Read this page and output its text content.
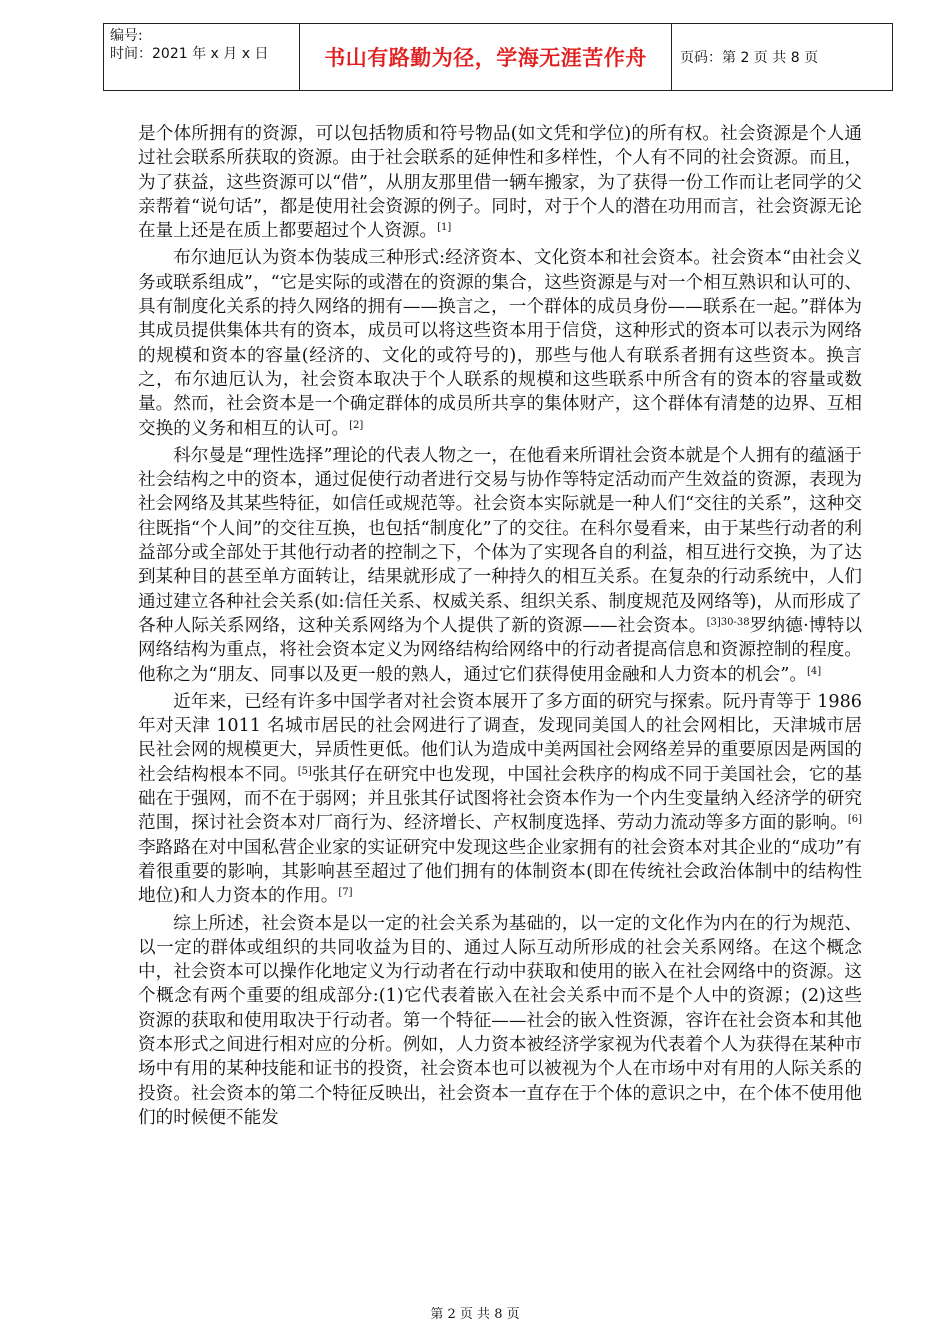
编号:
时间：2021 年 x 月 x 日	书山有路勤为径，学海无涯苦作舟 页码：第 2 页 共 8 页

是个体所拥有的资源，可以包括物质和符号物品(如文凭和学位)的所有权。社会资源是个人通过社会联系所获取的资源。由于社会联系的延伸性和多样性，个人有不同的社会资源。而且，为了获益，这些资源可以“借”，从朋友那里借一辆车搬家，为了获得一份工作而让老同学的父亲帮着“说句话”，都是使用社会资源的例子。同时，对于个人的潜在功用而言，社会资源无论在量上还是在质上都要超过个人资源。[1]

布尔迪厄认为资本伪装成三种形式:经济资本、文化资本和社会资本。社会资本“由社会义务或联系组成”，“它是实际的或潜在的资源的集合，这些资源是与对一个相互熟识和认可的、具有制度化关系的持久网络的拥有——换言之，一个群体的成员身份——联系在一起。”群体为其成员提供集体共有的资本，成员可以将这些资本用于信贷，这种形式的资本可以表示为网络的规模和资本的容量(经济的、文化的或符号的)，那些与他人有联系者拥有这些资本。换言之，布尔迪厄认为，社会资本取决于个人联系的规模和这些联系中所含有的资本的容量或数量。然而，社会资本是一个确定群体的成员所共享的集体财产，这个群体有清楚的边界、互相交换的义务和相互的认可。[2]

科尔曼是“理性选择”理论的代表人物之一，在他看来所谓社会资本就是个人拥有的蕴涵于社会结构之中的资本，通过促使行动者进行交易与协作等特定活动而产生效益的资源，表现为社会网络及其某些特征，如信任或规范等。社会资本实际就是一种人们“交往的关系”，这种交往既指“个人间”的交往互换，也包括“制度化”了的交往。在科尔曼看来，由于某些行动者的利益部分或全部处于其他行动者的控制之下，个体为了实现各自的利益，相互进行交换，为了达到某种目的甚至单方面转让，结果就形成了一种持久的相互关系。在复杂的行动系统中，人们通过建立各种社会关系(如:信任关系、权威关系、组织关系、制度规范及网络等)，从而形成了各种人际关系网络，这种关系网络为个人提供了新的资源——社会资本。$^{[3]30-38}$罗纳德·博特以网络结构为重点，将社会资本定义为网络结构给网络中的行动者提高信息和资源控制的程度。他称之为“朋友、同事以及更一般的熟人，通过它们获得使用金融和人力资本的机会”。[4]

近年来，已经有许多中国学者对社会资本展开了多方面的研究与探索。阮丹青等于 1986 年对天津 1011 名城市居民的社会网进行了调查，发现同美国人的社会网相比，天津城市居民社会网的规模更大，异质性更低。他们认为造成中美两国社会网络差异的重要原因是两国的社会结构根本不同。[5]张其仔在研究中也发现，中国社会秩序的构成不同于美国社会，它的基础在于强网，而不在于弱网；并且张其仔试图将社会资本作为一个内生变量纳入经济学的研究范围，探讨社会资本对厂商行为、经济增长、产权制度选择、劳动力流动等多方面的影响。[6]李路路在对中国私营企业家的实证研究中发现这些企业家拥有的社会资本对其企业的“成功”有着很重要的影响，其影响甚至超过了他们拥有的体制资本(即在传统社会政治体制中的结构性地位)和人力资本的作用。[7]

综上所述，社会资本是以一定的社会关系为基础的，以一定的文化作为内在的行为规范、以一定的群体或组织的共同收益为目的、通过人际互动所形成的社会关系网络。在这个概念中，社会资本可以操作化地定义为行动者在行动中获取和使用的嵌入在社会网络中的资源。这个概念有两个重要的组成部分:(1)它代表着嵌入在社会关系中而不是个人中的资源；(2)这些资源的获取和使用取决于行动者。第一个特征——社会的嵌入性资源，容许在社会资本和其他资本形式之间进行相对应的分析。例如，人力资本被经济学家视为代表着个人为获得在某种市场中有用的某种技能和证书的投资，社会资本也可以被视为个人在市场中对有用的人际关系的投资。社会资本的第二个特征反映出，社会资本一直存在于个体的意识之中，在个体不使用他们的时候便不能发

第 2 页 共 8 页
